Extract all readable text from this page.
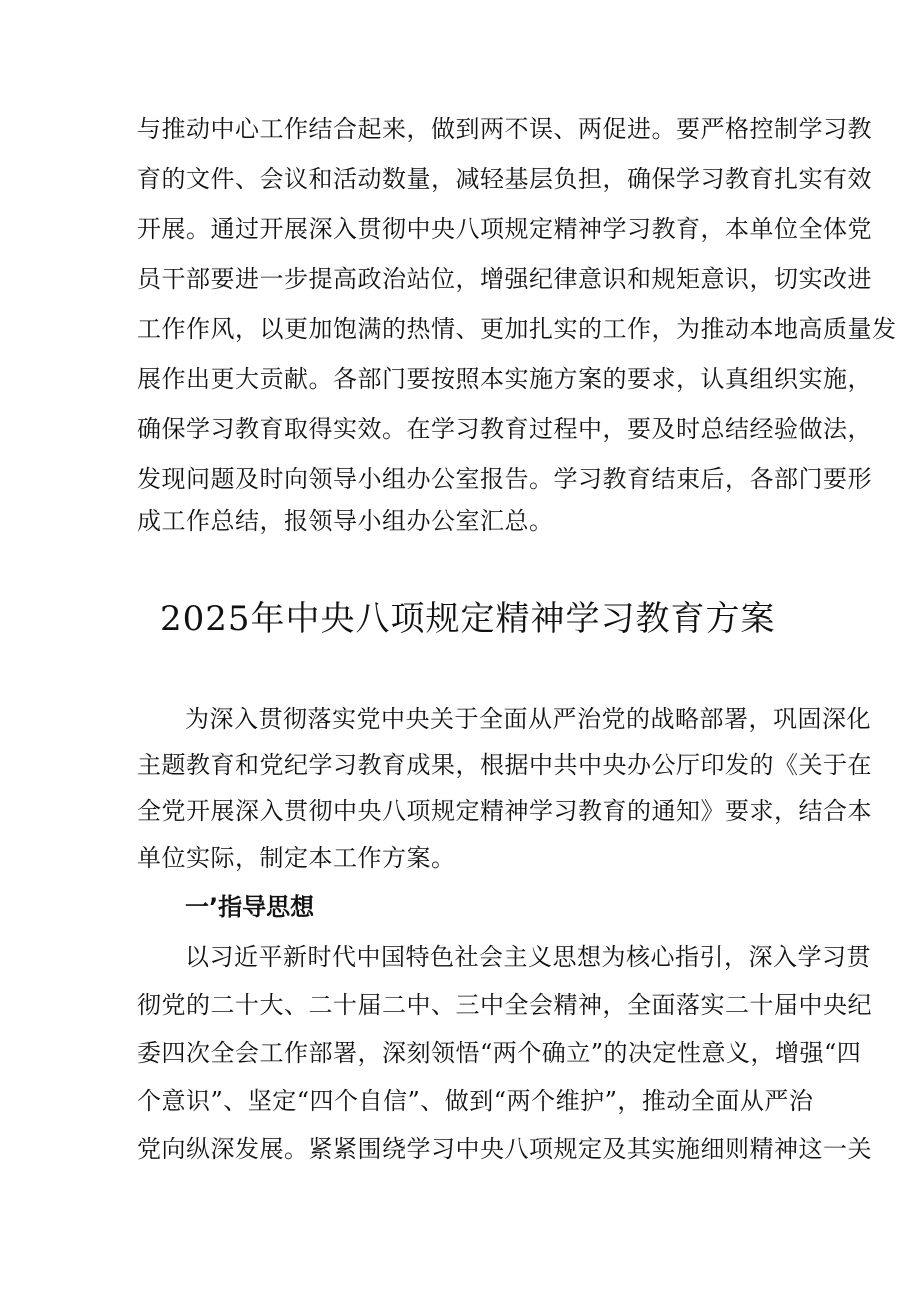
与推动中心工作结合起来，做到两不误、两促进。要严格控制学习教
育的文件、会议和活动数量，减轻基层负担，确保学习教育扎实有效
开展。通过开展深入贯彻中央八项规定精神学习教育，本单位全体党
员干部要进一步提高政治站位，增强纪律意识和规矩意识，切实改进
工作作风，以更加饱满的热情、更加扎实的工作，为推动本地高质量发
展作出更大贡献。各部门要按照本实施方案的要求，认真组织实施，
确保学习教育取得实效。在学习教育过程中，要及时总结经验做法，
发现问题及时向领导小组办公室报告。学习教育结束后，各部门要形
成工作总结，报领导小组办公室汇总。
2025年中央八项规定精神学习教育方案
为深入贯彻落实党中央关于全面从严治党的战略部署，巩固深化
主题教育和党纪学习教育成果，根据中共中央办公厅印发的《关于在
全党开展深入贯彻中央八项规定精神学习教育的通知》要求，结合本
单位实际，制定本工作方案。
一’指导思想
以习近平新时代中国特色社会主义思想为核心指引，深入学习贯
彻党的二十大、二十届二中、三中全会精神，全面落实二十届中央纪
委四次全会工作部署，深刻领悟“两个确立”的决定性意义，增强“四
个意识”、坚定“四个自信”、做到“两个维护”，推动全面从严治
党向纵深发展。紧紧围绕学习中央八项规定及其实施细则精神这一关
